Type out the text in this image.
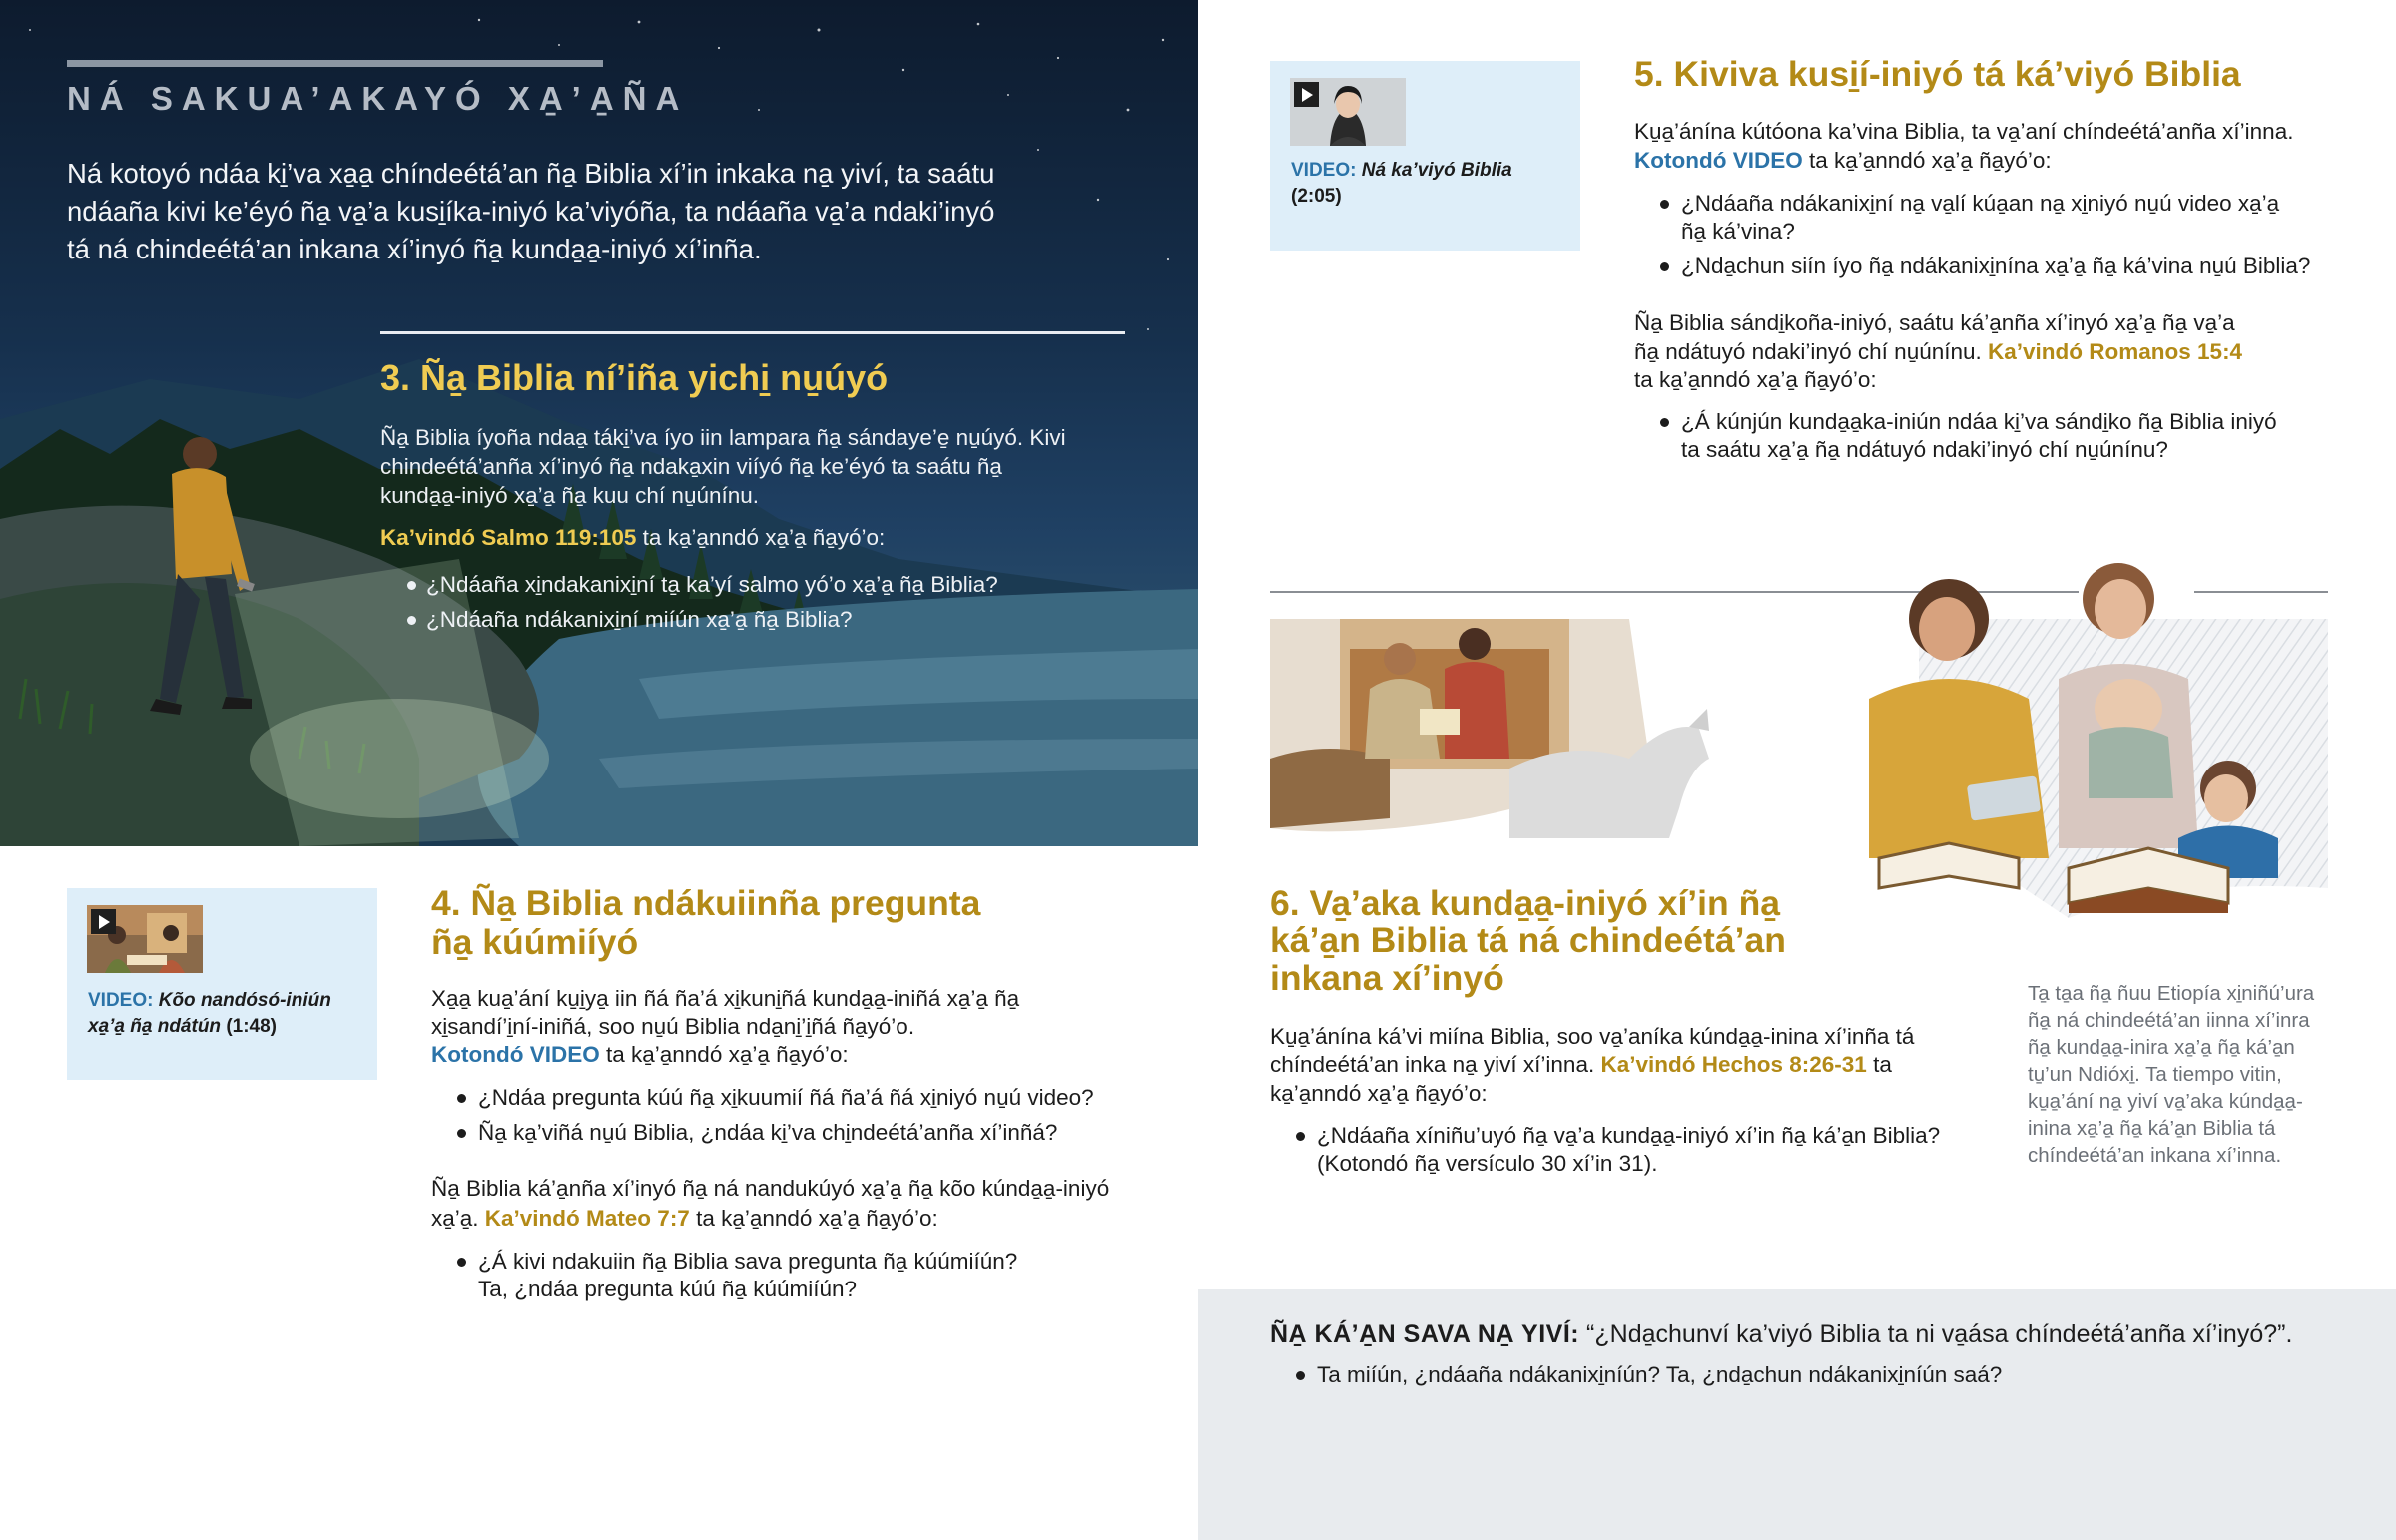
NÁ SAKUA’AKAYÓ XA̱’A̱ÑA
Ná kotoyó ndáa ki̱’va xa̱a̱ chíndeétá’an ña̱ Biblia xí’in inkaka na̱ yiví, ta saátu ndáaña kivi ke’éyó ña̱ va̱’a kusi̱íka-iniyó ka’viyóña, ta ndáaña va̱’a ndaki’inyó tá ná chindeétá’an inkana xí’inyó ña̱ kunda̱a̱-iniyó xí’inña.
3. Ña̱ Biblia ní’iña yichi̱ nu̱úyó
Ña̱ Biblia íyoña ndaa̱ táki̱’va íyo iin lampara ña̱ sándaye’e̱ nu̱úyó. Kivi chindeétá’anña xí’inyó ña̱ ndaka̱xin viíyó ña̱ ke’éyó ta saátu ña̱ kunda̱a̱-iniyó xa̱’a̱ ña̱ kuu chí nu̱únínu.
Ka’vindó Salmo 119:105 ta ka̱’a̱nndó xa̱’a̱ ña̱yó’o:
¿Ndáaña xi̱ndakanixi̱ní ta̱ ka’yí salmo yó’o xa̱’a̱ ña̱ Biblia?
¿Ndáaña ndákanixi̱ní miíún xa̱’a̱ ña̱ Biblia?
VIDEO: Kõo nandósó-iniún xa̱’a̱ ña̱ ndátún (1:48)
4. Ña̱ Biblia ndákuiinña pregunta
ña̱ kúúmiíyó
Xa̱a̱ kua̱’ání ku̱i̱ya̱ iin ñá ña’á xi̱kuni̱ñá kunda̱a̱-iniñá xa̱’a̱ ña̱
xi̱sandí’i̱ní-iniñá, soo nu̱ú Biblia nda̱ni̱’i̱ñá ña̱yó’o.
Kotondó VIDEO ta ka̱’a̱nndó xa̱’a̱ ña̱yó’o:
¿Ndáa pregunta kúú ña̱ xi̱kuumií ñá ña’á ñá xi̱niyó nu̱ú video?
Ña̱ ka̱’viñá nu̱ú Biblia, ¿ndáa ki̱’va chi̱ndeétá’anña xí’inñá?
Ña̱ Biblia ká’a̱nña xí’inyó ña̱ ná nandukúyó xa̱’a̱ ña̱ kõo kúnda̱a̱-iniyó
xa̱’a̱. Ka’vindó Mateo 7:7 ta ka̱’a̱nndó xa̱’a̱ ña̱yó’o:
¿Á kivi ndakuiin ña̱ Biblia sava pregunta ña̱ kúúmiíún?
Ta, ¿ndáa pregunta kúú ña̱ kúúmiíún?
VIDEO: Ná ka’viyó Biblia
(2:05)
5. Kiviva kusi̱í-iniyó tá ká’viyó Biblia
Ku̱a̱’ánína kútóona ka’vina Biblia, ta va̱’aní chíndeétá’anña xí’inna.
Kotondó VIDEO ta ka̱’a̱nndó xa̱’a̱ ña̱yó’o:
¿Ndáaña ndákanixi̱ní na̱ va̱lí kúa̱an na̱ xi̱niyó nu̱ú video xa̱’a̱
ña̱ ká’vina?
¿Nda̱chun siín íyo ña̱ ndákanixi̱nína xa̱’a̱ ña̱ ká’vina nu̱ú Biblia?
Ña̱ Biblia sándi̱koña-iniyó, saátu ká’a̱nña xí’inyó xa̱’a̱ ña̱ va̱’a
ña̱ ndátuyó ndaki’inyó chí nu̱únínu. Ka’vindó Romanos 15:4
ta ka̱’a̱nndó xa̱’a̱ ña̱yó’o:
¿Á kúnjún kunda̱a̱ka-iniún ndáa ki̱’va sándi̱ko ña̱ Biblia iniyó
ta saátu xa̱’a̱ ña̱ ndátuyó ndaki’inyó chí nu̱únínu?
6. Va̱’aka kunda̱a̱-iniyó xí’in ña̱
ká’a̱n Biblia tá ná chindeétá’an
inkana xí’inyó
Ku̱a̱’ánína ká’vi miína Biblia, soo va̱’aníka kúnda̱a̱-inina xí’inña tá
chíndeétá’an inka na̱ yiví xí’inna. Ka’vindó Hechos 8:26-31 ta
ka̱’a̱nndó xa̱’a̱ ña̱yó’o:
¿Ndáaña xíniñu’uyó ña̱ va̱’a kunda̱a̱-iniyó xí’in ña̱ ká’a̱n Biblia?
(Kotondó ña̱ versículo 30 xí’in 31).
Ta̱ ta̱a ña̱ ñuu Etiopía xi̱niñú’ura ña̱ ná chindeétá’an iinna xí’inra ña̱ kunda̱a̱-inira xa̱’a̱ ña̱ ká’a̱n tu̱’un Ndióxi̱. Ta tiempo vitin, ku̱a̱’ání na̱ yiví va̱’aka kúnda̱a̱-inina xa̱’a̱ ña̱ ká’a̱n Biblia tá chíndeétá’an inkana xí’inna.
ÑA̱ KÁ’A̱N SAVA NA̱ YIVÍ: “¿Nda̱chunví ka’viyó Biblia ta ni va̱ása chíndeétá’anña xí’inyó?”.
Ta miíún, ¿ndáaña ndákanixi̱níún? Ta, ¿nda̱chun ndákanixi̱níún saá?
